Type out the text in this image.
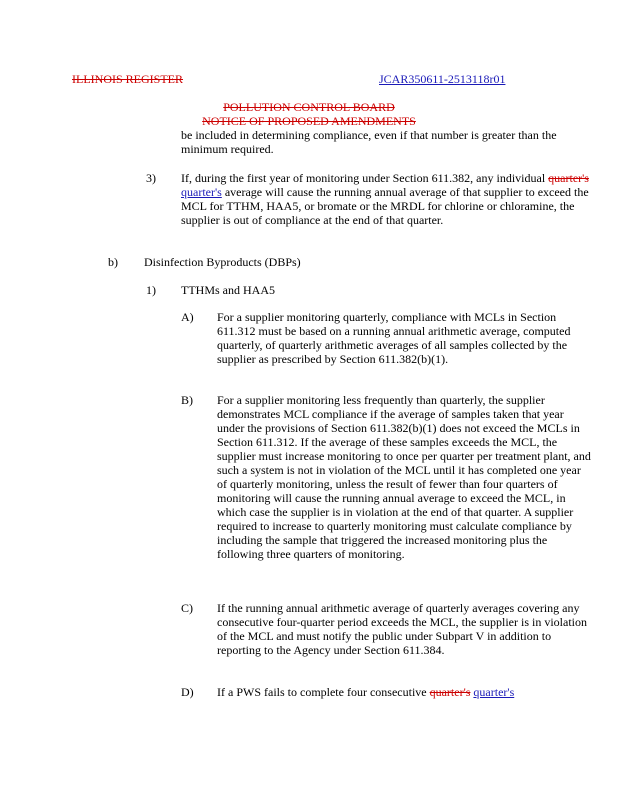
ILLINOIS REGISTER	JCAR350611-2513118r01
POLLUTION CONTROL BOARD
NOTICE OF PROPOSED AMENDMENTS
be included in determining compliance, even if that number is greater than the minimum required.
3) If, during the first year of monitoring under Section 611.382, any individual quarter's quarter's average will cause the running annual average of that supplier to exceed the MCL for TTHM, HAA5, or bromate or the MRDL for chlorine or chloramine, the supplier is out of compliance at the end of that quarter.
b) Disinfection Byproducts (DBPs)
1) TTHMs and HAA5
A) For a supplier monitoring quarterly, compliance with MCLs in Section 611.312 must be based on a running annual arithmetic average, computed quarterly, of quarterly arithmetic averages of all samples collected by the supplier as prescribed by Section 611.382(b)(1).
B) For a supplier monitoring less frequently than quarterly, the supplier demonstrates MCL compliance if the average of samples taken that year under the provisions of Section 611.382(b)(1) does not exceed the MCLs in Section 611.312. If the average of these samples exceeds the MCL, the supplier must increase monitoring to once per quarter per treatment plant, and such a system is not in violation of the MCL until it has completed one year of quarterly monitoring, unless the result of fewer than four quarters of monitoring will cause the running annual average to exceed the MCL, in which case the supplier is in violation at the end of that quarter. A supplier required to increase to quarterly monitoring must calculate compliance by including the sample that triggered the increased monitoring plus the following three quarters of monitoring.
C) If the running annual arithmetic average of quarterly averages covering any consecutive four-quarter period exceeds the MCL, the supplier is in violation of the MCL and must notify the public under Subpart V in addition to reporting to the Agency under Section 611.384.
D) If a PWS fails to complete four consecutive quarter's quarter's
